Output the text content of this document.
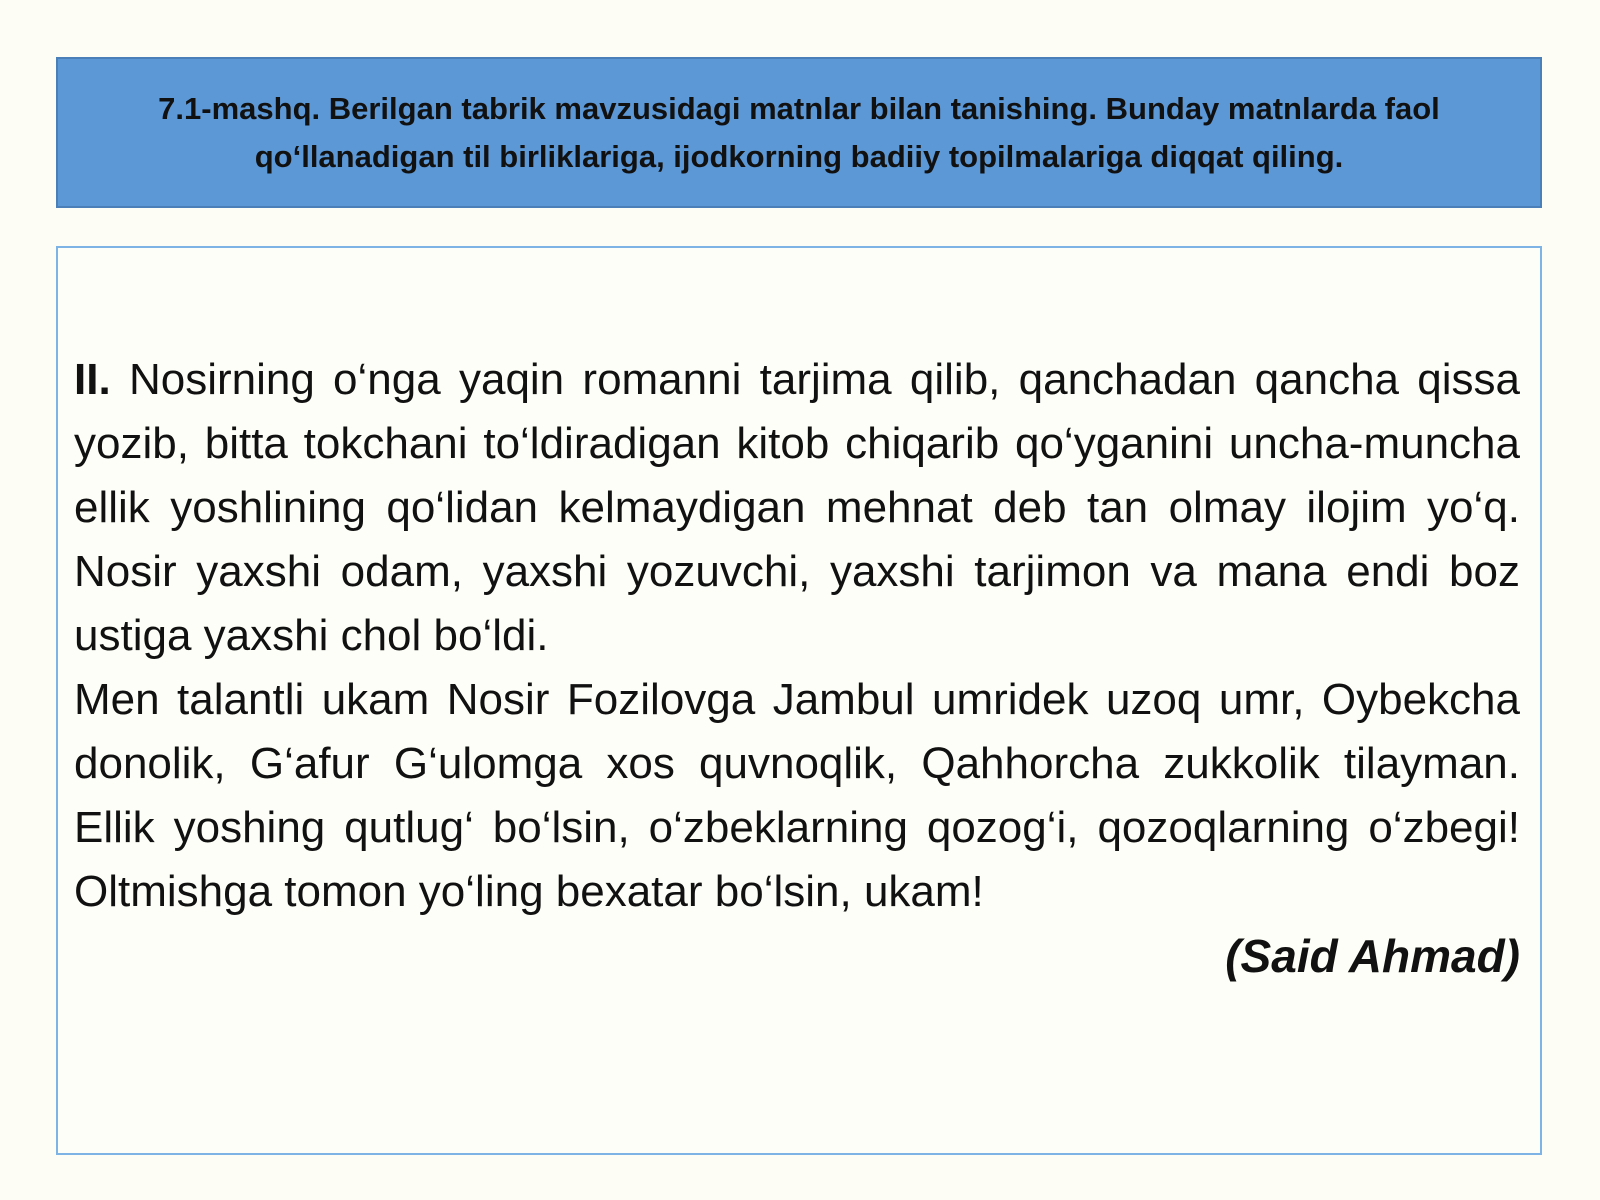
7.1-mashq. Berilgan tabrik mavzusidagi matnlar bilan tanishing. Bunday matnlarda faol qo‘llanadigan til birliklariga, ijodkorning badiiy topilmalariga diqqat qiling.

II. Nosirning o‘nga yaqin romanni tarjima qilib, qanchadan qancha qissa yozib, bitta tokchani to‘ldiradigan kitob chiqarib qo‘yganini uncha-muncha ellik yoshlining qo‘lidan kelmaydigan mehnat deb tan olmay ilojim yo‘q. Nosir yaxshi odam, yaxshi yozuvchi, yaxshi tarjimon va mana endi boz ustiga yaxshi chol bo‘ldi.

Men talantli ukam Nosir Fozilovga Jambul umridek uzoq umr, Oybekcha donolik, G‘afur G‘ulomga xos quvnoqlik, Qahhorcha zukkolik tilayman. Ellik yoshing qutlug‘ bo‘lsin, o‘zbeklarning qozog‘i, qozoqlarning o‘zbegi! Oltmishga tomon yo‘ling bexatar bo‘lsin, ukam!

(Said Ahmad)
